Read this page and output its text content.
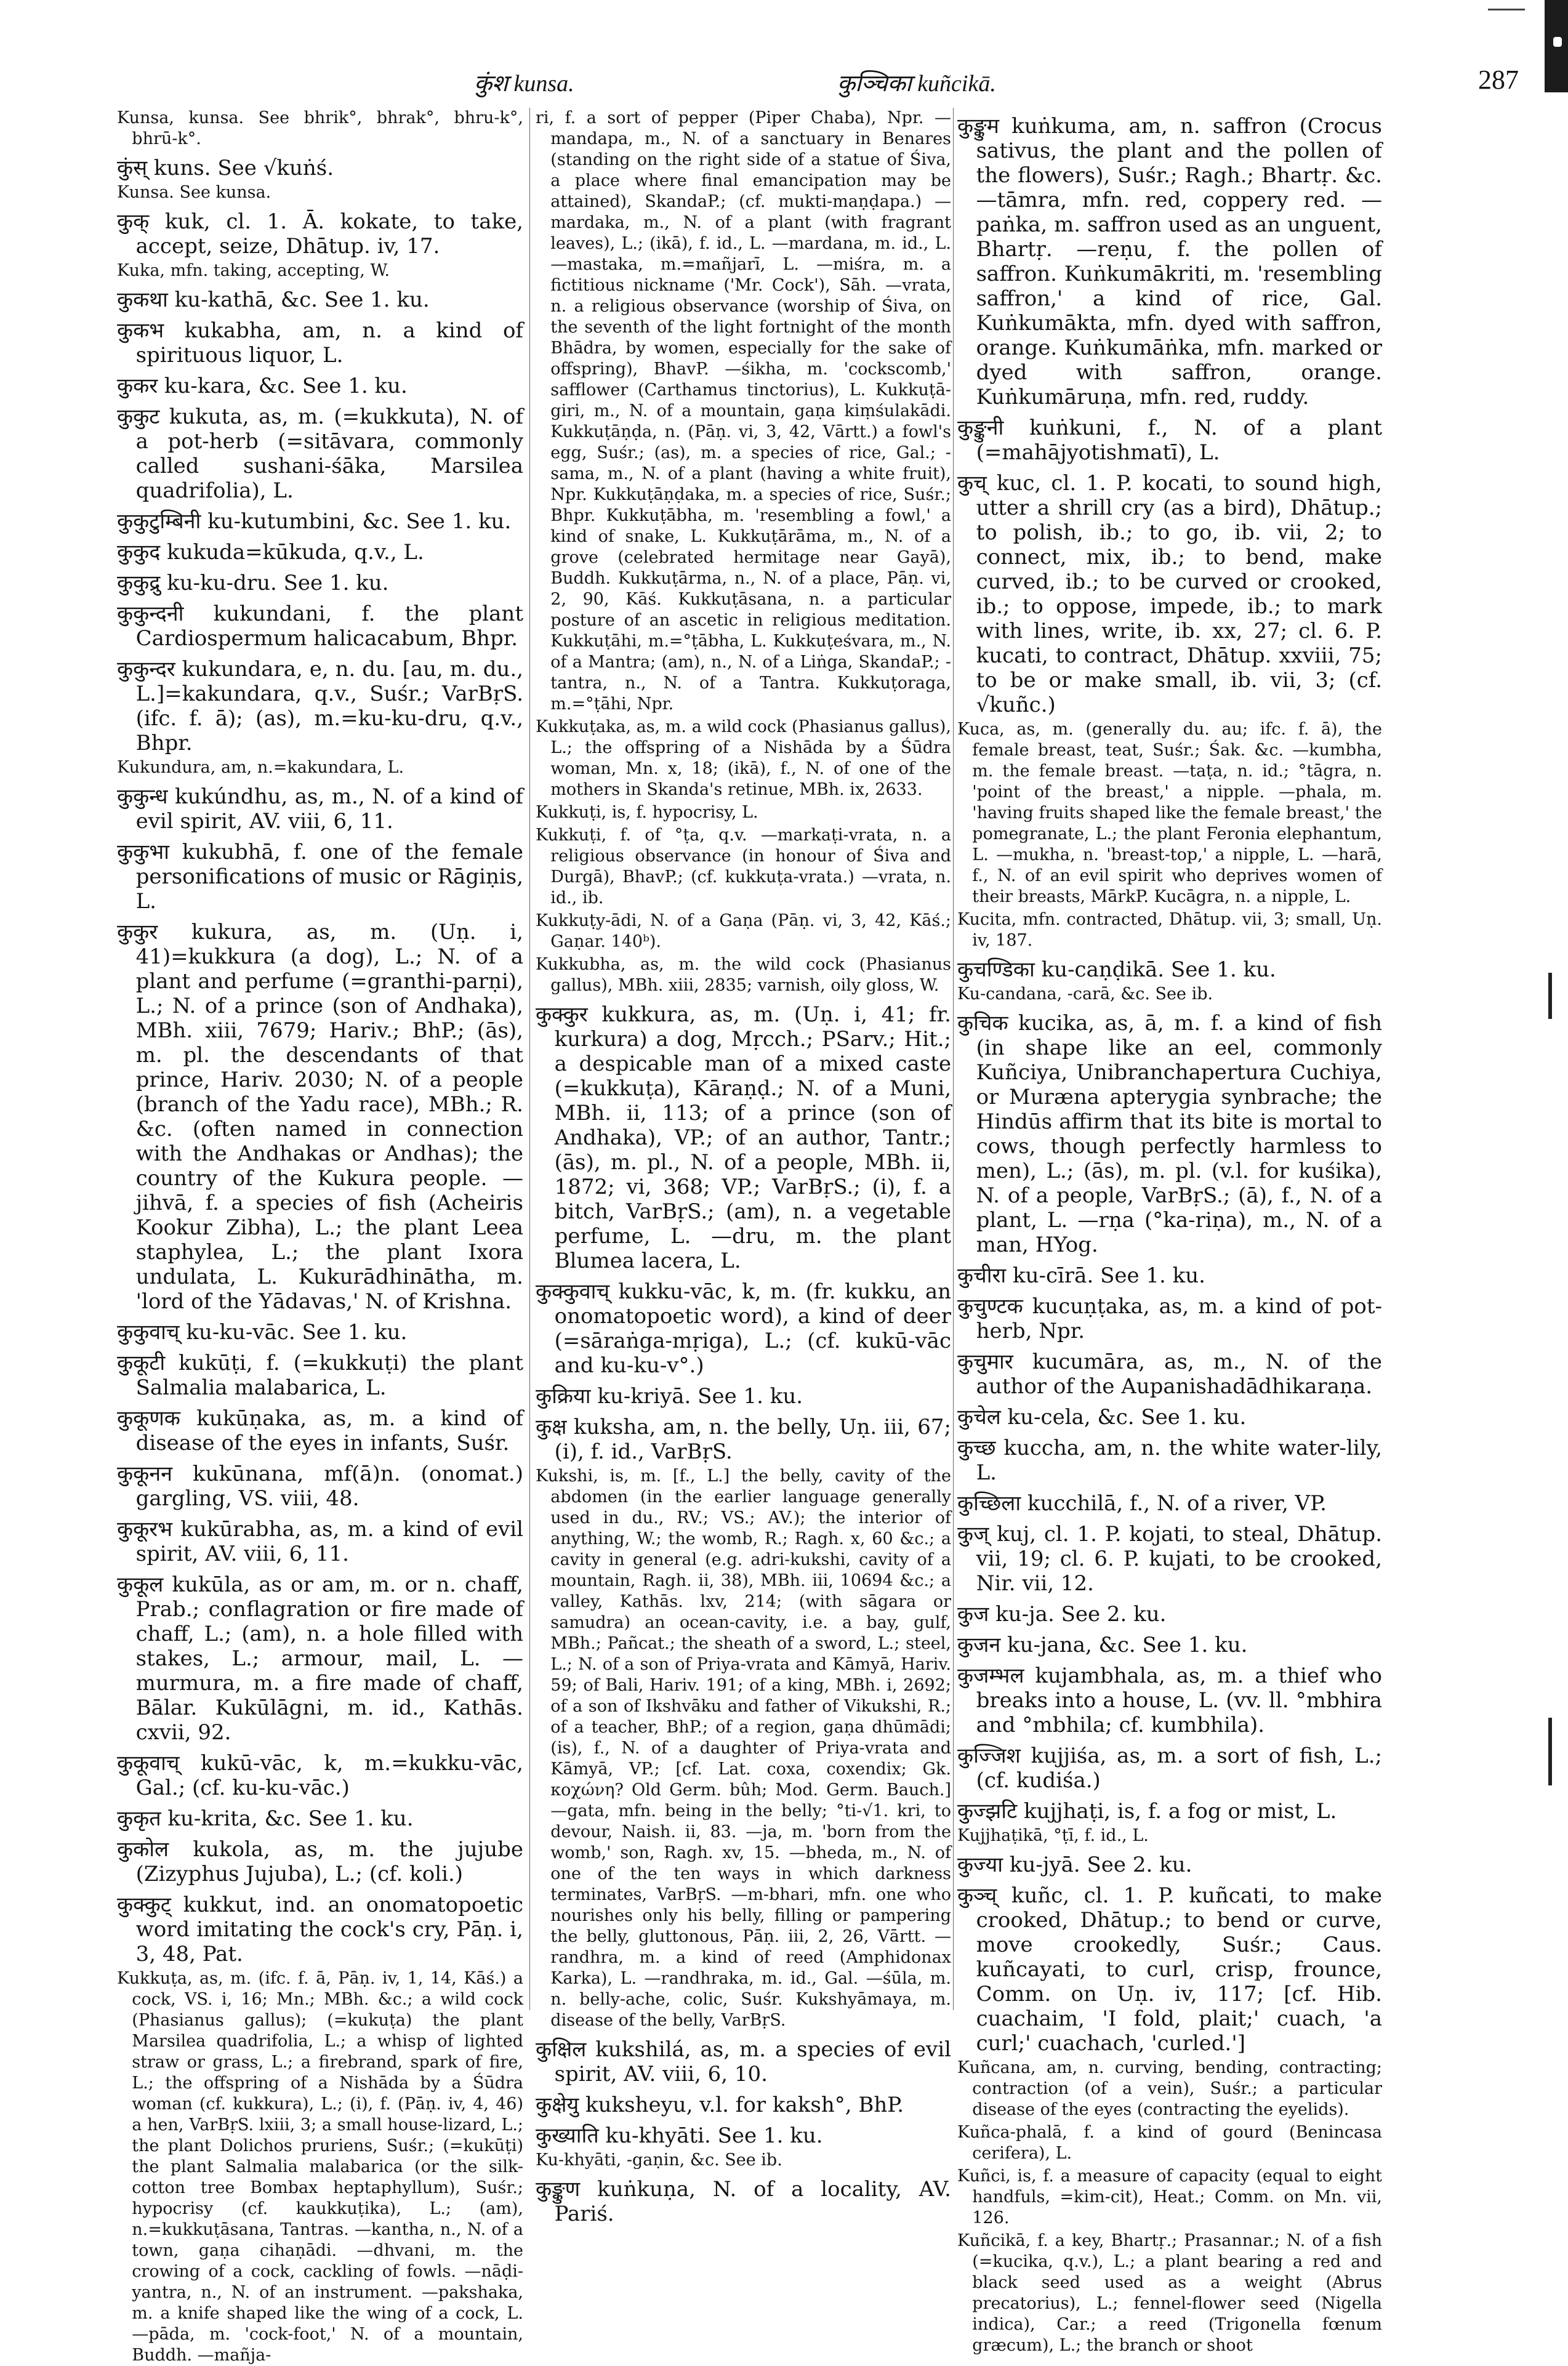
कुंश kunsa.	कुञ्चिका kuñcikā.	287

Kunsa, kunsa. See bhrik°, bhrak°, bhru-k°, bhrū-k°.

कुंस् kuns. See √kuṅś.

Kunsa. See kunsa.

कुक् kuk, cl. 1. Ā. kokate, to take, accept, seize, Dhātup. iv, 17.

Kuka, mfn. taking, accepting, W.

कुकथा ku-kathā, &c. See 1. ku.

कुकभ kukabha, am, n. a kind of spirituous liquor, L.

कुकर ku-kara, &c. See 1. ku.

कुकुट kukuta, as, m. (=kukkuta), N. of a pot-herb (=sitāvara, commonly called sushani-śāka, Marsilea quadrifolia), L.

कुकुटुम्बिनी ku-kutumbini, &c. See 1. ku.

कुकुद kukuda=kūkuda, q.v., L.

कुकुद्रु ku-ku-dru. See 1. ku.

कुकुन्दनी kukundani, f. the plant Cardiospermum halicacabum, Bhpr.

कुकुन्दर kukundara, e, n. du. [au, m. du., L.]=kakundara, q.v., Suśr.; VarBṛS. (ifc. f. ā); (as), m.=ku-ku-dru, q.v., Bhpr.

Kukundura, am, n.=kakundara, L.

कुकुन्ध kukúndhu, as, m., N. of a kind of evil spirit, AV. viii, 6, 11.

कुकुभा kukubhā, f. one of the female personifications of music or Rāgiṇis, L.

कुकुर kukura, as, m. (Uṇ. i, 41)=kukkura (a dog), L.; N. of a plant and perfume (=granthi-parṇi), L.; N. of a prince (son of Andhaka), MBh. xiii, 7679; Hariv.; BhP.; (ās), m. pl. the descendants of that prince, Hariv. 2030; N. of a people (branch of the Yadu race), MBh.; R. &c. (often named in connection with the Andhakas or Andhas); the country of the Kukura people. —jihvā, f. a species of fish (Acheiris Kookur Zibha), L.; the plant Leea staphylea, L.; the plant Ixora undulata, L. Kukurādhinātha, m. 'lord of the Yādavas,' N. of Krishna.

कुकुवाच् ku-ku-vāc. See 1. ku.

कुकूटी kukūṭi, f. (=kukkuṭi) the plant Salmalia malabarica, L.

कुकूणक kukūṇaka, as, m. a kind of disease of the eyes in infants, Suśr.

कुकूनन kukūnana, mf(ā)n. (onomat.) gargling, VS. viii, 48.

कुकूरभ kukūrabha, as, m. a kind of evil spirit, AV. viii, 6, 11.

कुकूल kukūla, as or am, m. or n. chaff, Prab.; conflagration or fire made of chaff, L.; (am), n. a hole filled with stakes, L.; armour, mail, L. —murmura, m. a fire made of chaff, Bālar. Kukūlāgni, m. id., Kathās. cxvii, 92.

कुकूवाच् kukū-vāc, k, m.=kukku-vāc, Gal.; (cf. ku-ku-vāc.)

कुकृत ku-krita, &c. See 1. ku.

कुकोल kukola, as, m. the jujube (Zizyphus Jujuba), L.; (cf. koli.)

कुक्कुट् kukkut, ind. an onomatopoetic word imitating the cock's cry, Pāṇ. i, 3, 48, Pat.

Kukkuṭa, as, m. (ifc. f. ā, Pāṇ. iv, 1, 14, Kāś.) a cock, VS. i, 16; Mn.; MBh. &c.; a wild cock (Phasianus gallus); (=kukuṭa) the plant Marsilea quadrifolia, L.; a whisp of lighted straw or grass, L.; a firebrand, spark of fire, L.; the offspring of a Nishāda by a Śūdra woman (cf. kukkura), L.; (i), f. (Pāṇ. iv, 4, 46) a hen, VarBṛS. lxiii, 3; a small house-lizard, L.; the plant Dolichos pruriens, Suśr.; (=kukūṭi) the plant Salmalia malabarica (or the silk-cotton tree Bombax heptaphyllum), Suśr.; hypocrisy (cf. kaukkuṭika), L.; (am), n.=kukkuṭāsana, Tantras. —kantha, n., N. of a town, gaṇa cihaṇādi. —dhvani, m. the crowing of a cock, cackling of fowls. —nāḍi-yantra, n., N. of an instrument. —pakshaka, m. a knife shaped like the wing of a cock, L. —pāda, m. 'cock-foot,' N. of a mountain, Buddh. —mañja-

ri, f. a sort of pepper (Piper Chaba), Npr. —mandapa, m., N. of a sanctuary in Benares (standing on the right side of a statue of Śiva, a place where final emancipation may be attained), SkandaP.; (cf. mukti-maṇḍapa.) —mardaka, m., N. of a plant (with fragrant leaves), L.; (ikā), f. id., L. —mardana, m. id., L. —mastaka, m.=mañjarī, L. —miśra, m. a fictitious nickname ('Mr. Cock'), Sāh. —vrata, n. a religious observance (worship of Śiva, on the seventh of the light fortnight of the month Bhādra, by women, especially for the sake of offspring), BhavP. —śikha, m. 'cockscomb,' safflower (Carthamus tinctorius), L. Kukkuṭā-giri, m., N. of a mountain, gaṇa kiṃśulakādi. Kukkuṭāṇḍa, n. (Pāṇ. vi, 3, 42, Vārtt.) a fowl's egg, Suśr.; (as), m. a species of rice, Gal.; -sama, m., N. of a plant (having a white fruit), Npr. Kukkuṭāṇḍaka, m. a species of rice, Suśr.; Bhpr. Kukkuṭābha, m. 'resembling a fowl,' a kind of snake, L. Kukkuṭārāma, m., N. of a grove (celebrated hermitage near Gayā), Buddh. Kukkuṭārma, n., N. of a place, Pāṇ. vi, 2, 90, Kāś. Kukkuṭāsana, n. a particular posture of an ascetic in religious meditation. Kukkuṭāhi, m.=°ṭābha, L. Kukkuṭeśvara, m., N. of a Mantra; (am), n., N. of a Liṅga, SkandaP.; -tantra, n., N. of a Tantra. Kukkuṭoraga, m.=°ṭāhi, Npr.

Kukkuṭaka, as, m. a wild cock (Phasianus gallus), L.; the offspring of a Nishāda by a Śūdra woman, Mn. x, 18; (ikā), f., N. of one of the mothers in Skanda's retinue, MBh. ix, 2633.

Kukkuṭi, is, f. hypocrisy, L.

Kukkuṭi, f. of °ṭa, q.v. —markaṭi-vrata, n. a religious observance (in honour of Śiva and Durgā), BhavP.; (cf. kukkuṭa-vrata.) —vrata, n. id., ib.

Kukkuṭy-ādi, N. of a Gaṇa (Pāṇ. vi, 3, 42, Kāś.; Gaṇar. 140ᵇ).

Kukkubha, as, m. the wild cock (Phasianus gallus), MBh. xiii, 2835; varnish, oily gloss, W.

कुक्कुर kukkura, as, m. (Uṇ. i, 41; fr. kurkura) a dog, Mṛcch.; PSarv.; Hit.; a despicable man of a mixed caste (=kukkuṭa), Kāraṇḍ.; N. of a Muni, MBh. ii, 113; of a prince (son of Andhaka), VP.; of an author, Tantr.; (ās), m. pl., N. of a people, MBh. ii, 1872; vi, 368; VP.; VarBṛS.; (i), f. a bitch, VarBṛS.; (am), n. a vegetable perfume, L. —dru, m. the plant Blumea lacera, L.

कुक्कुवाच् kukku-vāc, k, m. (fr. kukku, an onomatopoetic word), a kind of deer (=sāraṅga-mṛiga), L.; (cf. kukū-vāc and ku-ku-v°.)

कुक्रिया ku-kriyā. See 1. ku.

कुक्ष kuksha, am, n. the belly, Uṇ. iii, 67; (i), f. id., VarBṛS.

Kukshi, is, m. [f., L.] the belly, cavity of the abdomen (in the earlier language generally used in du., RV.; VS.; AV.); the interior of anything, W.; the womb, R.; Ragh. x, 60 &c.; a cavity in general (e.g. adri-kukshi, cavity of a mountain, Ragh. ii, 38), MBh. iii, 10694 &c.; a valley, Kathās. lxv, 214; (with sāgara or samudra) an ocean-cavity, i.e. a bay, gulf, MBh.; Pañcat.; the sheath of a sword, L.; steel, L.; N. of a son of Priya-vrata and Kāmyā, Hariv. 59; of Bali, Hariv. 191; of a king, MBh. i, 2692; of a son of Ikshvāku and father of Vikukshi, R.; of a teacher, BhP.; of a region, gaṇa dhūmādi; (is), f., N. of a daughter of Priya-vrata and Kāmyā, VP.; [cf. Lat. coxa, coxendix; Gk. κοχώνη? Old Germ. bûh; Mod. Germ. Bauch.] —gata, mfn. being in the belly; °ti-√1. kri, to devour, Naish. ii, 83. —ja, m. 'born from the womb,' son, Ragh. xv, 15. —bheda, m., N. of one of the ten ways in which darkness terminates, VarBṛS. —m-bhari, mfn. one who nourishes only his belly, filling or pampering the belly, gluttonous, Pāṇ. iii, 2, 26, Vārtt. —randhra, m. a kind of reed (Amphidonax Karka), L. —randhraka, m. id., Gal. —śūla, m. n. belly-ache, colic, Suśr. Kukshyāmaya, m. disease of the belly, VarBṛS.

कुक्षिल kukshilá, as, m. a species of evil spirit, AV. viii, 6, 10.

कुक्षेयु kuksheyu, v.l. for kaksh°, BhP.

कुख्याति ku-khyāti. See 1. ku.

Ku-khyāti, -gaṇin, &c. See ib.

कुङ्कुण kuṅkuṇa, N. of a locality, AV. Pariś.

कुङ्कुम kuṅkuma, am, n. saffron (Crocus sativus, the plant and the pollen of the flowers), Suśr.; Ragh.; Bhartṛ. &c. —tāmra, mfn. red, coppery red. —paṅka, m. saffron used as an unguent, Bhartṛ. —reṇu, f. the pollen of saffron. Kuṅkumākriti, m. 'resembling saffron,' a kind of rice, Gal. Kuṅkumākta, mfn. dyed with saffron, orange. Kuṅkumāṅka, mfn. marked or dyed with saffron, orange. Kuṅkumāruṇa, mfn. red, ruddy.

कुङ्कुनी kuṅkuni, f., N. of a plant (=mahājyotishmatī), L.

कुच् kuc, cl. 1. P. kocati, to sound high, utter a shrill cry (as a bird), Dhātup.; to polish, ib.; to go, ib. vii, 2; to connect, mix, ib.; to bend, make curved, ib.; to be curved or crooked, ib.; to oppose, impede, ib.; to mark with lines, write, ib. xx, 27; cl. 6. P. kucati, to contract, Dhātup. xxviii, 75; to be or make small, ib. vii, 3; (cf. √kuñc.)

Kuca, as, m. (generally du. au; ifc. f. ā), the female breast, teat, Suśr.; Śak. &c. —kumbha, m. the female breast. —taṭa, n. id.; °tāgra, n. 'point of the breast,' a nipple. —phala, m. 'having fruits shaped like the female breast,' the pomegranate, L.; the plant Feronia elephantum, L. —mukha, n. 'breast-top,' a nipple, L. —harā, f., N. of an evil spirit who deprives women of their breasts, MārkP. Kucāgra, n. a nipple, L.

Kucita, mfn. contracted, Dhātup. vii, 3; small, Uṇ. iv, 187.

कुचण्डिका ku-caṇḍikā. See 1. ku.

Ku-candana, -carā, &c. See ib.

कुचिक kucika, as, ā, m. f. a kind of fish (in shape like an eel, commonly Kuñciya, Unibranchapertura Cuchiya, or Murænа apterygia synbrache; the Hindūs affirm that its bite is mortal to cows, though perfectly harmless to men), L.; (ās), m. pl. (v.l. for kuśika), N. of a people, VarBṛS.; (ā), f., N. of a plant, L. —rṇa (°ka-riṇa), m., N. of a man, HYog.

कुचीरा ku-cīrā. See 1. ku.

कुचुण्टक kucuṇṭaka, as, m. a kind of pot-herb, Npr.

कुचुमार kucumāra, as, m., N. of the author of the Aupanishadādhikaraṇa.

कुचेल ku-cela, &c. See 1. ku.

कुच्छ kuccha, am, n. the white water-lily, L.

कुच्छिला kucchilā, f., N. of a river, VP.

कुज् kuj, cl. 1. P. kojati, to steal, Dhātup. vii, 19; cl. 6. P. kujati, to be crooked, Nir. vii, 12.

कुज ku-ja. See 2. ku.

कुजन ku-jana, &c. See 1. ku.

कुजम्भल kujambhala, as, m. a thief who breaks into a house, L. (vv. ll. °mbhira and °mbhila; cf. kumbhila).

कुज्जिश kujjiśa, as, m. a sort of fish, L.; (cf. kudiśa.)

कुज्झटि kujjhaṭi, is, f. a fog or mist, L.

Kujjhaṭikā, °ṭī, f. id., L.

कुज्या ku-jyā. See 2. ku.

कुञ्च् kuñc, cl. 1. P. kuñcati, to make crooked, Dhātup.; to bend or curve, move crookedly, Suśr.; Caus. kuñcayati, to curl, crisp, frounce, Comm. on Uṇ. iv, 117; [cf. Hib. cuachaim, 'I fold, plait;' cuach, 'a curl;' cuachach, 'curled.']

Kuñcana, am, n. curving, bending, contracting; contraction (of a vein), Suśr.; a particular disease of the eyes (contracting the eyelids).

Kuñca-phalā, f. a kind of gourd (Benincasa cerifera), L.

Kuñci, is, f. a measure of capacity (equal to eight handfuls, =kim-cit), Heat.; Comm. on Mn. vii, 126.

Kuñcikā, f. a key, Bhartṛ.; Prasannar.; N. of a fish (=kucika, q.v.), L.; a plant bearing a red and black seed used as a weight (Abrus precatorius), L.; fennel-flower seed (Nigella indica), Car.; a reed (Trigonella fœnum græcum), L.; the branch or shoot
